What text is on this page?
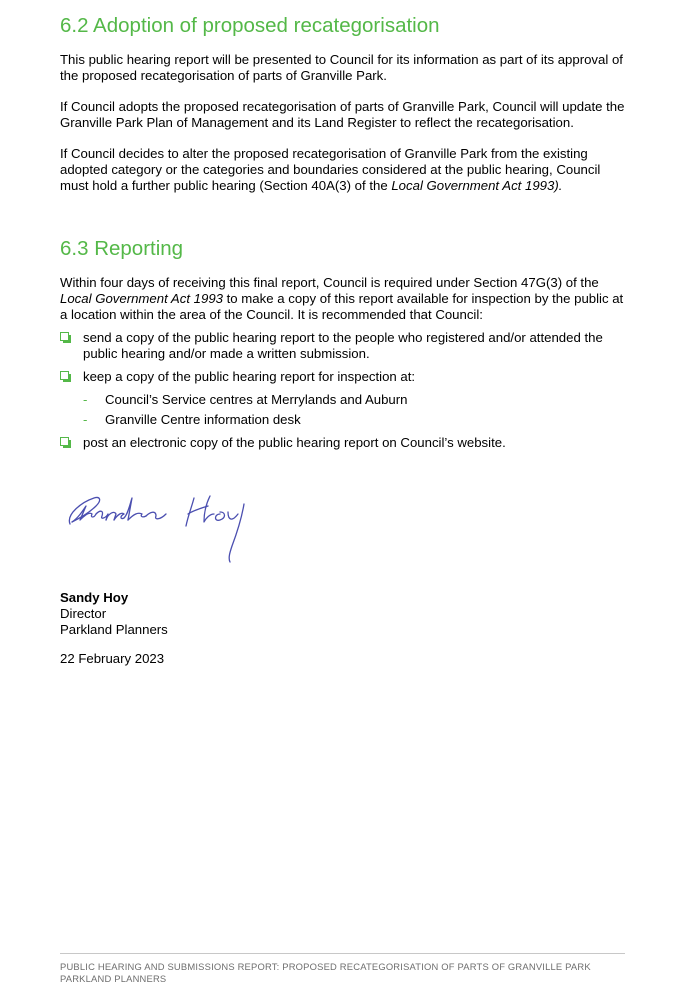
6.2 Adoption of proposed recategorisation

This public hearing report will be presented to Council for its information as part of its approval of the proposed recategorisation of parts of Granville Park.

If Council adopts the proposed recategorisation of parts of Granville Park, Council will update the Granville Park Plan of Management and its Land Register to reflect the recategorisation.

If Council decides to alter the proposed recategorisation of Granville Park from the existing adopted category or the categories and boundaries considered at the public hearing, Council must hold a further public hearing (Section 40A(3) of the Local Government Act 1993).

6.3 Reporting

Within four days of receiving this final report, Council is required under Section 47G(3) of the Local Government Act 1993 to make a copy of this report available for inspection by the public at a location within the area of the Council. It is recommended that Council:

send a copy of the public hearing report to the people who registered and/or attended the public hearing and/or made a written submission.
keep a copy of the public hearing report for inspection at:
- Council’s Service centres at Merrylands and Auburn
- Granville Centre information desk
post an electronic copy of the public hearing report on Council’s website.
Sandy Hoy
Director
Parkland Planners
22 February 2023
PUBLIC HEARING AND SUBMISSIONS REPORT: PROPOSED RECATEGORISATION OF PARTS OF GRANVILLE PARK
PARKLAND PLANNERS
